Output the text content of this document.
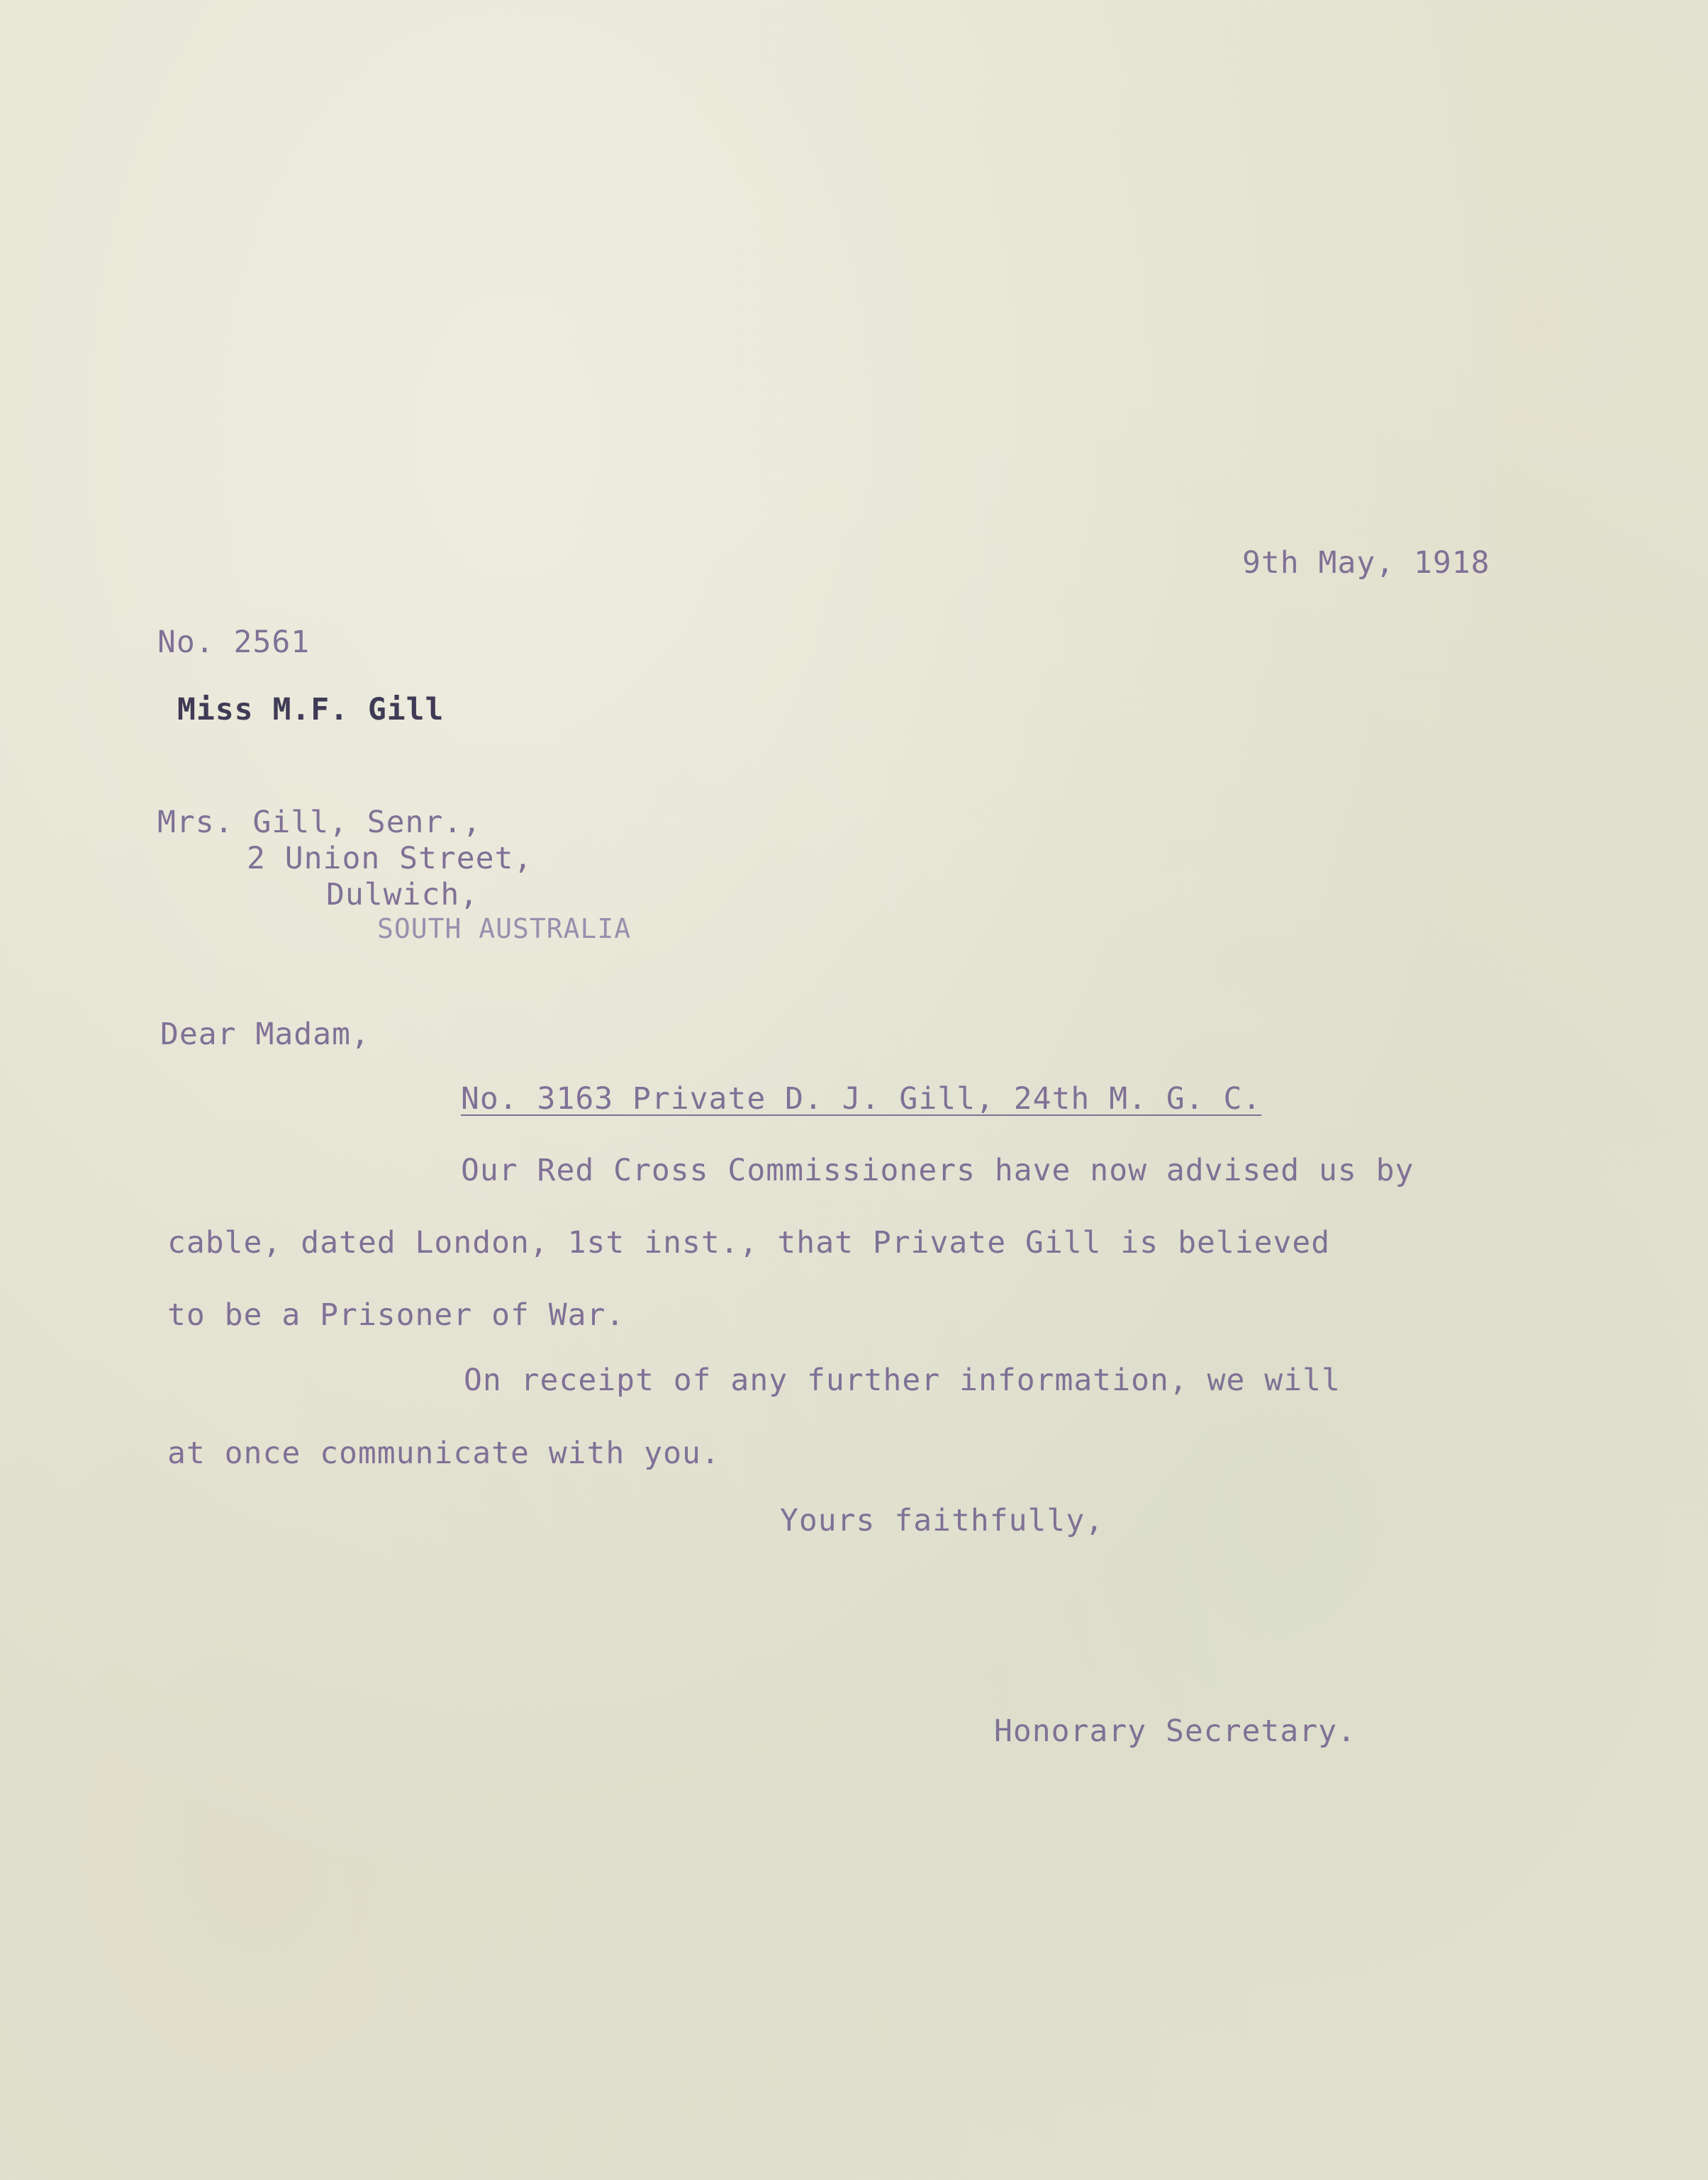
9th May, 1918
No. 2561
Miss M.F. Gill
Mrs. Gill, Senr.,
2 Union Street,
Dulwich,
SOUTH AUSTRALIA
Dear Madam,
No. 3163 Private D. J. Gill, 24th M. G. C.
Our Red Cross Commissioners have now advised us by
cable, dated London, 1st inst., that Private Gill is believed
to be a Prisoner of War.
On receipt of any further information, we will
at once communicate with you.
Yours faithfully,
Honorary Secretary.
